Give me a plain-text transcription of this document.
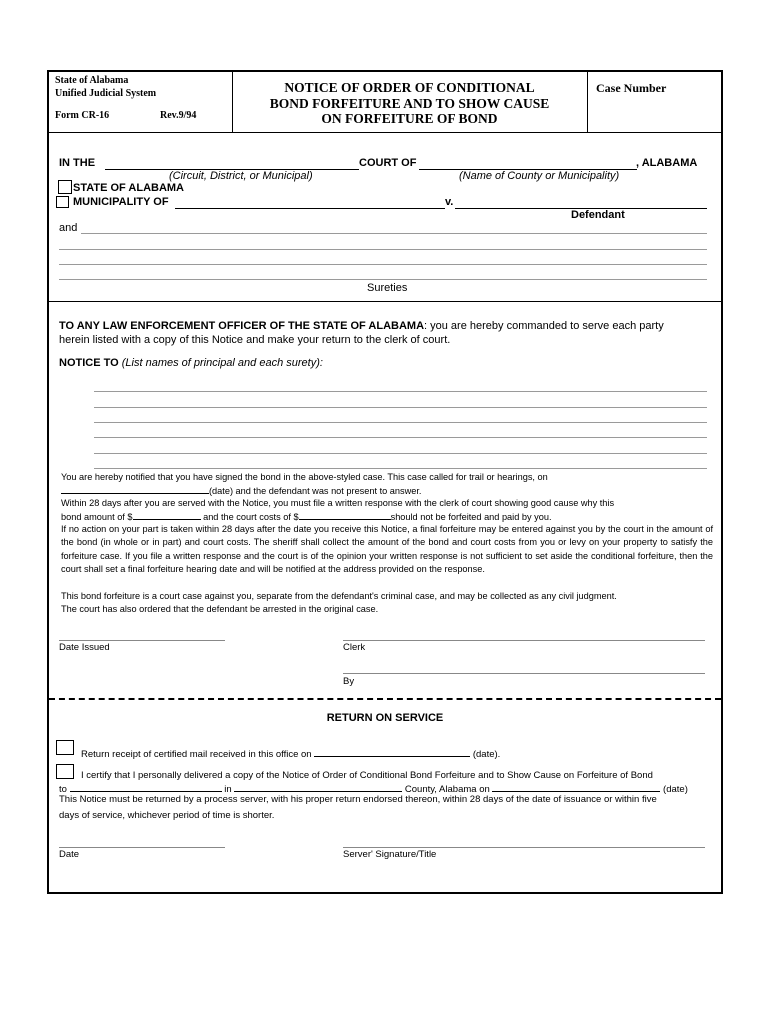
State of Alabama
Unified Judicial System
Form CR-16	Rev.9/94
NOTICE OF ORDER OF CONDITIONAL
BOND FORFEITURE AND TO SHOW CAUSE
ON FORFEITURE OF BOND
Case Number
IN THE	COURT OF	, ALABAMA
(Circuit, District, or Municipal)	(Name of County or Municipality)
STATE OF ALABAMA
MUNICIPALITY OF	v.
Defendant
and
Sureties
TO ANY LAW ENFORCEMENT OFFICER OF THE STATE OF ALABAMA: you are hereby commanded to serve each party
herein listed with a copy of this Notice and make your return to the clerk of court.
NOTICE TO (List names of principal and each surety):
You are hereby notified that you have signed the bond in the above-styled case. This case called for trail or hearings, on
(date) and the defendant was not present to answer.
Within 28 days after you are served with the Notice, you must file a written response with the clerk of court showing good cause why this
bond amount of $	and the court costs of $	should not be forfeited and paid by you.
If no action on your part is taken within 28 days after the date you receive this Notice, a final forfeiture may be entered against you by the court in the amount of the bond (in whole or in part) and court costs. The sheriff shall collect the amount of the bond and court costs from you or levy on your property to satisfy the forfeiture case. If you file a written response and the court is of the opinion your written response is not sufficient to set aside the conditional forfeiture, then the court shall set a final forfeiture hearing date and will be notified at the address provided on the response.
This bond forfeiture is a court case against you, separate from the defendant's criminal case, and may be collected as any civil judgment.
The court has also ordered that the defendant be arrested in the original case.
Date Issued	Clerk
By
RETURN ON SERVICE
Return receipt of certified mail received in this office on	(date).
I certify that I personally delivered a copy of the Notice of Order of Conditional Bond Forfeiture and to Show Cause on Forfeiture of Bond
to	in	County, Alabama on	(date)
This Notice must be returned by a process server, with his proper return endorsed thereon, within 28 days of the date of issuance or within five
days of service, whichever period of time is shorter.
Date	Server' Signature/Title
